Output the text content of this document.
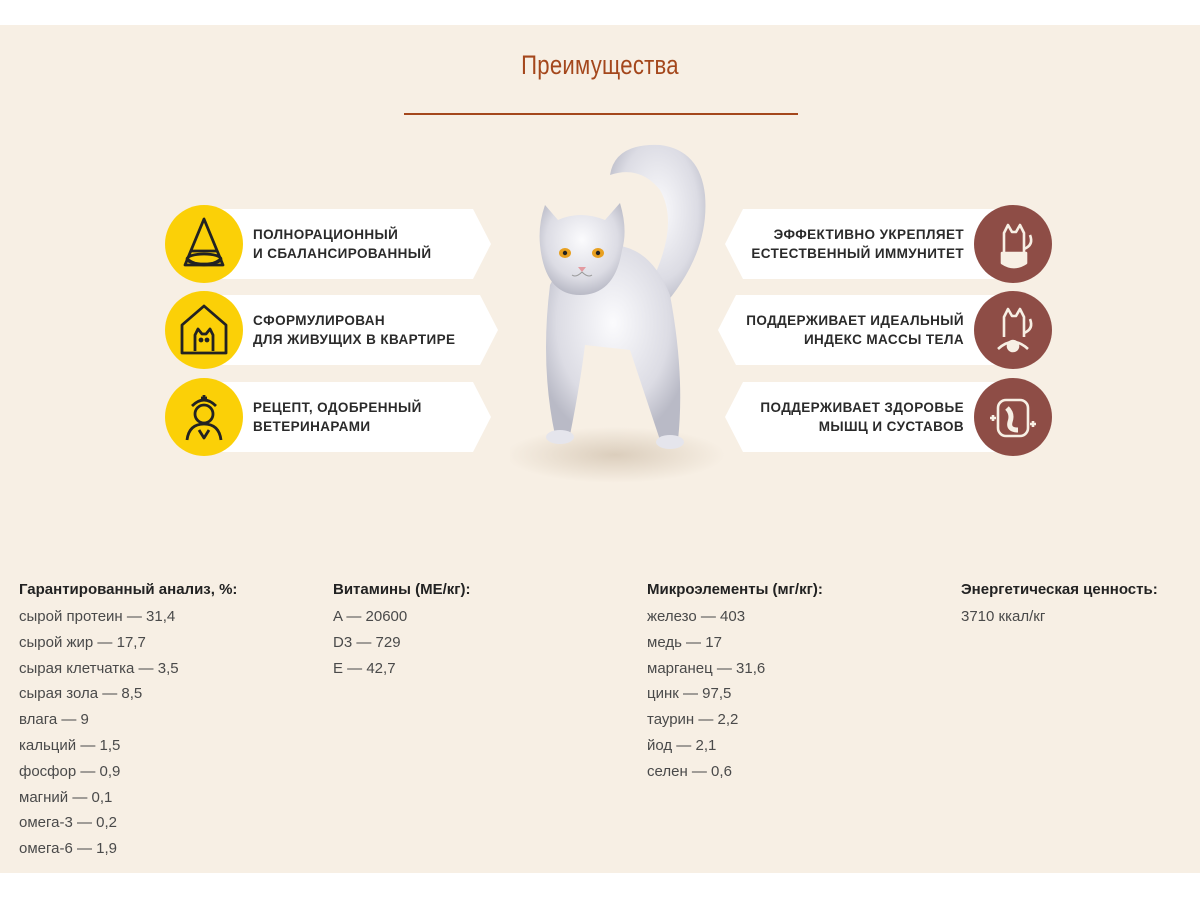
Преимущества
ПОЛНОРАЦИОННЫЙ
И СБАЛАНСИРОВАННЫЙ
СФОРМУЛИРОВАН
ДЛЯ ЖИВУЩИХ В КВАРТИРЕ
РЕЦЕПТ, ОДОБРЕННЫЙ
ВЕТЕРИНАРАМИ
ЭФФЕКТИВНО УКРЕПЛЯЕТ
ЕСТЕСТВЕННЫЙ ИММУНИТЕТ
ПОДДЕРЖИВАЕТ ИДЕАЛЬНЫЙ
ИНДЕКС МАССЫ ТЕЛА
ПОДДЕРЖИВАЕТ ЗДОРОВЬЕ
МЫШЦ И СУСТАВОВ
Гарантированный анализ, %:
сырой протеин — 31,4
сырой жир — 17,7
сырая клетчатка — 3,5
сырая зола — 8,5
влага — 9
кальций — 1,5
фосфор — 0,9
магний — 0,1
омега-3 — 0,2
омега-6 — 1,9
Витамины (МЕ/кг):
A — 20600
D3 — 729
E — 42,7
Микроэлементы (мг/кг):
железо — 403
медь — 17
марганец — 31,6
цинк — 97,5
таурин — 2,2
йод — 2,1
селен — 0,6
Энергетическая ценность:
3710 ккал/кг
